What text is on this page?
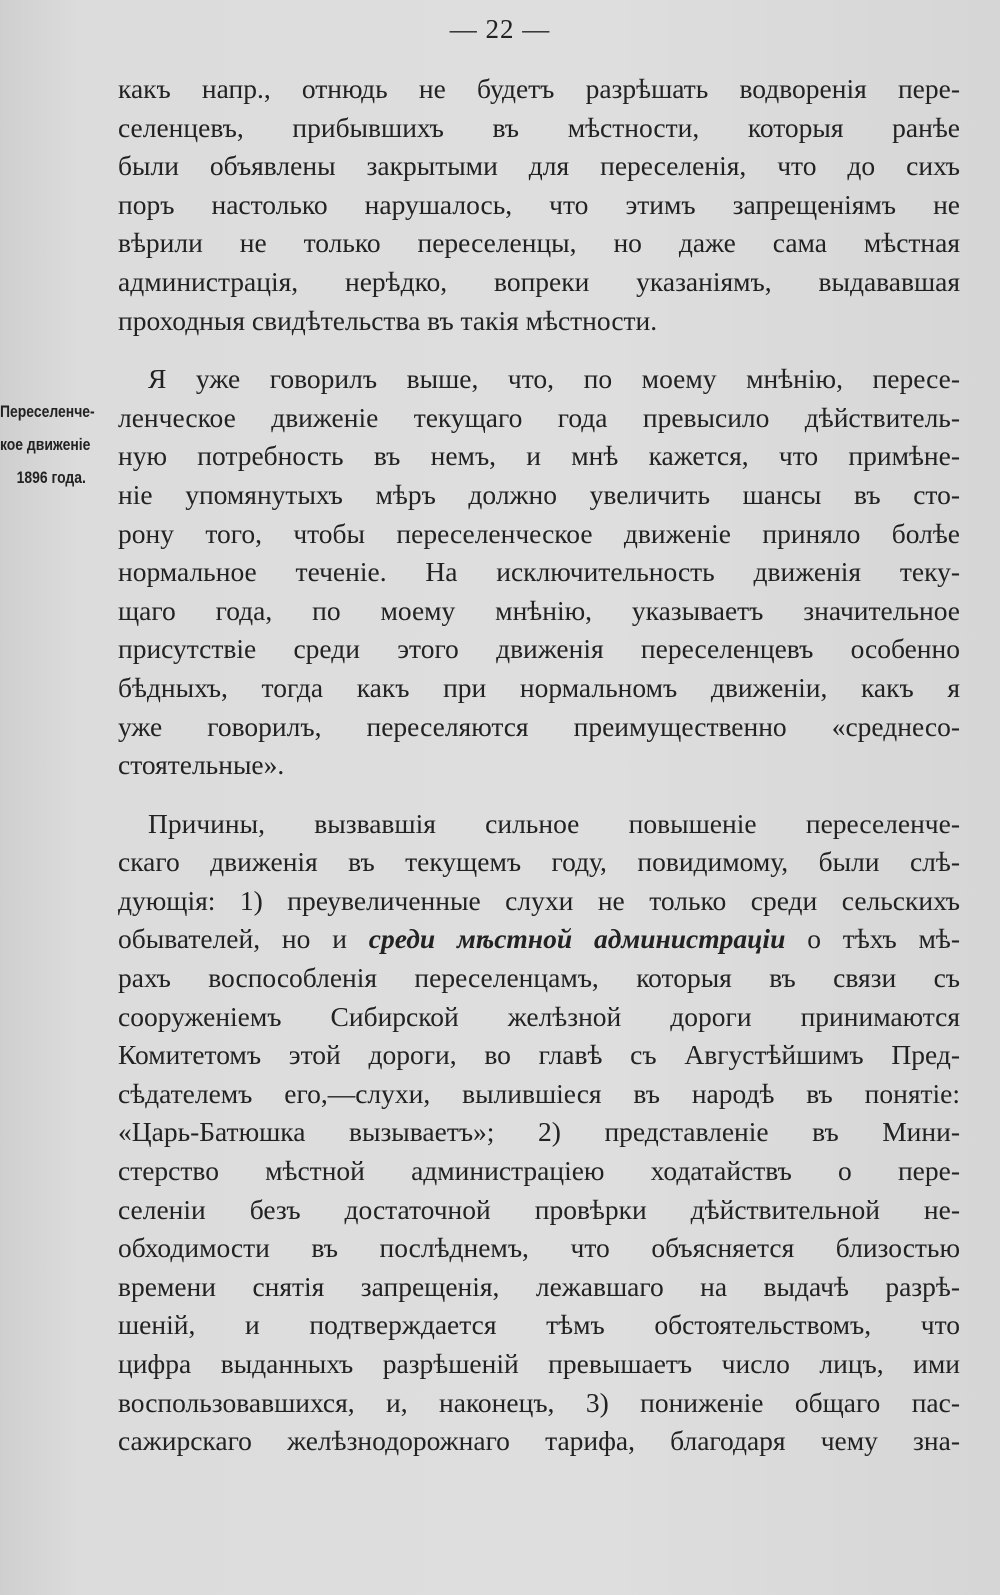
— 22 —
Переселенче-
кое движеніе
1896 года.

какъ напр., отнюдь не будетъ разрѣшать водворенія пере-
селенцевъ, прибывшихъ въ мѣстности, которыя ранѣе
были объявлены закрытыми для переселенія, что до сихъ
поръ настолько нарушалось, что этимъ запрещеніямъ не
вѣрили не только переселенцы, но даже сама мѣстная
администрація, нерѣдко, вопреки указаніямъ, выдававшая
проходныя свидѣтельства въ такія мѣстности.

Я уже говорилъ выше, что, по моему мнѣнію, пересе-
ленческое движеніе текущаго года превысило дѣйствитель-
ную потребность въ немъ, и мнѣ кажется, что примѣне-
ніе упомянутыхъ мѣръ должно увеличить шансы въ сто-
рону того, чтобы переселенческое движеніе приняло болѣе
нормальное теченіе. На исключительность движенія теку-
щаго года, по моему мнѣнію, указываетъ значительное
присутствіе среди этого движенія переселенцевъ особенно
бѣдныхъ, тогда какъ при нормальномъ движеніи, какъ я
уже говорилъ, переселяются преимущественно «среднесо-
стоятельные».

Причины, вызвавшія сильное повышеніе переселенче-
скаго движенія въ текущемъ году, повидимому, были слѣ-
дующія: 1) преувеличенные слухи не только среди сельскихъ
обывателей, но и среди мѣстной администраціи о тѣхъ мѣ-
рахъ воспособленія переселенцамъ, которыя въ связи съ
сооруженіемъ Сибирской желѣзной дороги принимаются
Комитетомъ этой дороги, во главѣ съ Августѣйшимъ Пред-
сѣдателемъ его,—слухи, вылившіеся въ народѣ въ понятіе:
«Царь-Батюшка вызываетъ»; 2) представленіе въ Мини-
стерство мѣстной администраціею ходатайствъ о пере-
селеніи безъ достаточной провѣрки дѣйствительной не-
обходимости въ послѣднемъ, что объясняется близостью
времени снятія запрещенія, лежавшаго на выдачѣ разрѣ-
шеній, и подтверждается тѣмъ обстоятельствомъ, что
цифра выданныхъ разрѣшеній превышаетъ число лицъ, ими
воспользовавшихся, и, наконецъ, 3) пониженіе общаго пас-
сажирскаго желѣзнодорожнаго тарифа, благодаря чему зна-
